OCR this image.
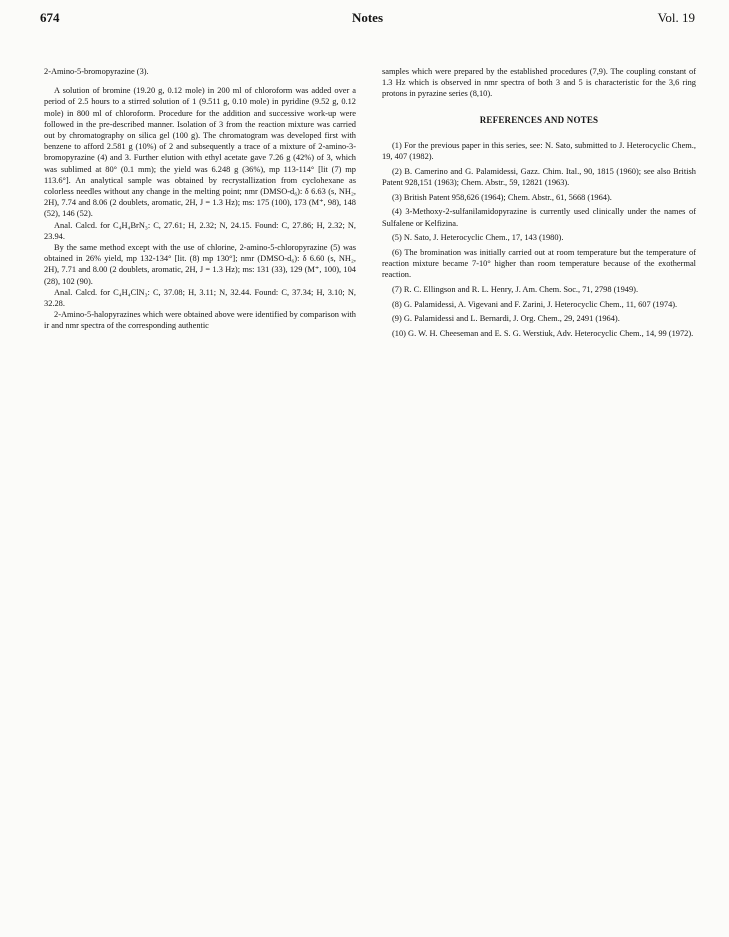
674	Notes	Vol. 19

2-Amino-5-bromopyrazine (3).

A solution of bromine (19.20 g, 0.12 mole) in 200 ml of chloroform was added over a period of 2.5 hours to a stirred solution of 1 (9.511 g, 0.10 mole) in pyridine (9.52 g, 0.12 mole) in 800 ml of chloroform. Procedure for the addition and successive work-up were followed in the pre-described manner. Isolation of 3 from the reaction mixture was carried out by chromatography on silica gel (100 g). The chromatogram was developed first with benzene to afford 2.581 g (10%) of 2 and subsequently a trace of a mixture of 2-amino-3-bromopyrazine (4) and 3. Further elution with ethyl acetate gave 7.26 g (42%) of 3, which was sublimed at 80° (0.1 mm); the yield was 6.248 g (36%), mp 113-114° [lit (7) mp 113.6°]. An analytical sample was obtained by recrystallization from cyclohexane as colorless needles without any change in the melting point; nmr (DMSO-d₆): δ 6.63 (s, NH₂, 2H), 7.74 and 8.06 (2 doublets, aromatic, 2H, J = 1.3 Hz); ms: 175 (100), 173 (M⁺, 98), 148 (52), 146 (52).

Anal. Calcd. for C₄H₄BrN₃: C, 27.61; H, 2.32; N, 24.15. Found: C, 27.86; H, 2.32; N, 23.94.

By the same method except with the use of chlorine, 2-amino-5-chloropyrazine (5) was obtained in 26% yield, mp 132-134° [lit. (8) mp 130°]; nmr (DMSO-d₆): δ 6.60 (s, NH₂, 2H), 7.71 and 8.00 (2 doublets, aromatic, 2H, J = 1.3 Hz); ms: 131 (33), 129 (M⁺, 100), 104 (28), 102 (90).

Anal. Calcd. for C₄H₄ClN₃: C, 37.08; H, 3.11; N, 32.44. Found: C, 37.34; H, 3.10; N, 32.28.

2-Amino-5-halopyrazines which were obtained above were identified by comparison with ir and nmr spectra of the corresponding authentic

samples which were prepared by the established procedures (7,9). The coupling constant of 1.3 Hz which is observed in nmr spectra of both 3 and 5 is characteristic for the 3,6 ring protons in pyrazine series (8,10).

REFERENCES AND NOTES

(1) For the previous paper in this series, see: N. Sato, submitted to J. Heterocyclic Chem., 19, 407 (1982).

(2) B. Camerino and G. Palamidessi, Gazz. Chim. Ital., 90, 1815 (1960); see also British Patent 928,151 (1963); Chem. Abstr., 59, 12821 (1963).

(3) British Patent 958,626 (1964); Chem. Abstr., 61, 5668 (1964).

(4) 3-Methoxy-2-sulfanilamidopyrazine is currently used clinically under the names of Sulfalene or Kelfizina.

(5) N. Sato, J. Heterocyclic Chem., 17, 143 (1980).

(6) The bromination was initially carried out at room temperature but the temperature of reaction mixture became 7-10° higher than room temperature because of the exothermal reaction.

(7) R. C. Ellingson and R. L. Henry, J. Am. Chem. Soc., 71, 2798 (1949).

(8) G. Palamidessi, A. Vigevani and F. Zarini, J. Heterocyclic Chem., 11, 607 (1974).

(9) G. Palamidessi and L. Bernardi, J. Org. Chem., 29, 2491 (1964).

(10) G. W. H. Cheeseman and E. S. G. Werstiuk, Adv. Heterocyclic Chem., 14, 99 (1972).
